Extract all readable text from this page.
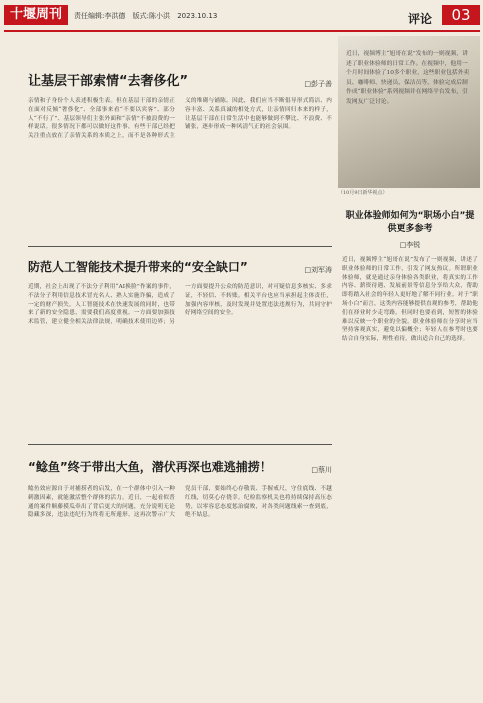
十堰周刊	责任编辑:李洪德 版式:陈小洪 2023.10.13	评论	03
让基层干部索情“去奢侈化”	□彭子善
亲情和子身份个人表述积极生表。但在基层干部的亲情正在面对反倾“奢侈化”、全部事来看“不要以宾客”、部分人“不行了”、基层领导们主张外面和“亲情”不被浪费的一样说话。很多情况下都可以做好这件事，有些干部已经把关注重点放在了亲情关系的本质之上，而不是各种形式主义的堆砌与铺陈。因此，我们应当不断倡导形式简洁、内容丰富、关系真诚的相处方式，让亲情回归本来的样子，让基层干部在日常生活中也能够做到不攀比、不浪费、不铺张，逐步形成一种风清气正的社会氛围。
防范人工智能技术提升带来的“安全缺口”	□刘军涛
近期，社会上出现了不法分子利用“AI换脸”作案的事件，不法分子利用信息技术冒充名人、熟人实施诈骗，造成了一定的财产损失。人工智能技术在快速发展的同时，也带来了新的安全隐患，需要我们高度重视。一方面要加强技术监管，建立健全相关法律法规，明确技术使用边界；另一方面要提升公众的防范意识，对可疑信息多核实、多求证，不轻信、不转账。相关平台也应当承担起主体责任，加强内容审核，及时发现并处置违法违规行为，共同守护好网络空间的安全。
“鲶鱼”终于带出大鱼，潜伏再深也难逃捕捞！	□蔡川
鲶鱼效应源自于对捕捞者的启发，在一个群体中引入一种刺激因素，就能激活整个群体的活力。近日，一起看似普通的案件顺藤摸瓜牵出了背后更大的问题，充分说明无论隐藏多深，违法违纪行为终将无所遁形。这再次警示广大党员干部，要始终心存敬畏、手握戒尺，守住底线、不越红线，切莫心存侥幸。纪检监察机关也将持续保持高压态势，以零容忍态度惩治腐败，对各类问题线索一查到底，绝不姑息。
近日，视频博主“旭哥在说”发布的一则视频，讲述了职业体验师的日常工作。在视频中，他用一个月时间体验了10多个职业，这些职业包括外卖员、咖啡师、快递员、保洁员等，体验完成后制作成“职业体验”系列视频并在网络平台发布，引发网友广泛讨论。
（10月9日新华视点）
职业体验师如何为“职场小白”提供更多参考
□李锐
近日，视频博主“旭哥在说”发布了一则视频，讲述了职业体验师的日常工作，引发了网友热议。所谓职业体验师，就是通过亲身体验各类职业，将真实的工作内容、薪资待遇、发展前景等信息分享给大众，帮助即将踏入社会的年轻人更好地了解不同行业。对于“职场小白”而言，这类内容能够提供直观的参考，帮助他们在择业时少走弯路。但同时也要看到，短暂的体验难以反映一个职业的全貌，职业体验师在分享时应当坚持客观真实，避免以偏概全；年轻人在参考时也要结合自身实际，理性看待，做出适合自己的选择。
